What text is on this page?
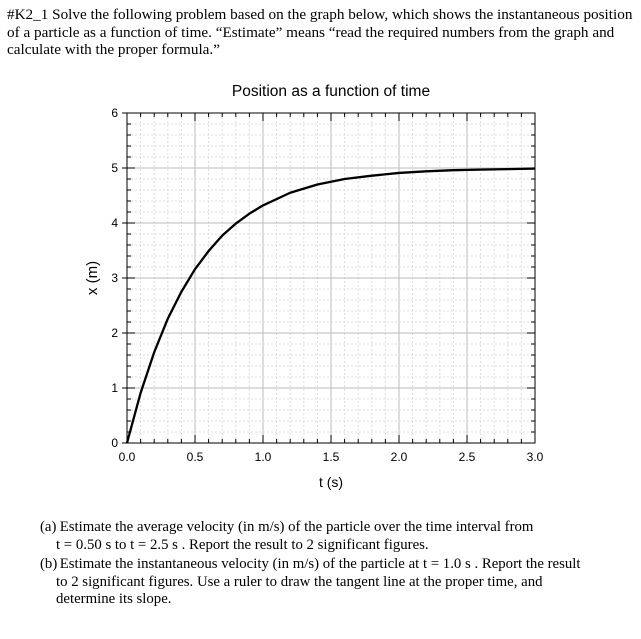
#K2_1 Solve the following problem based on the graph below, which shows the instantaneous position of a particle as a function of time. “Estimate” means “read the required numbers from the graph and calculate with the proper formula.”
0.0	0.5	1.0	1.5	2.0	2.5	3.0
0
1
2
3
4
5
6
Position as a function of time
t (s)
x (m)
(a) Estimate the average velocity (in m/s) of the particle over the time interval from
t = 0.50 s to t = 2.5 s . Report the result to 2 significant figures.
(b) Estimate the instantaneous velocity (in m/s) of the particle at t = 1.0 s . Report the result
to 2 significant figures. Use a ruler to draw the tangent line at the proper time, and
determine its slope.
